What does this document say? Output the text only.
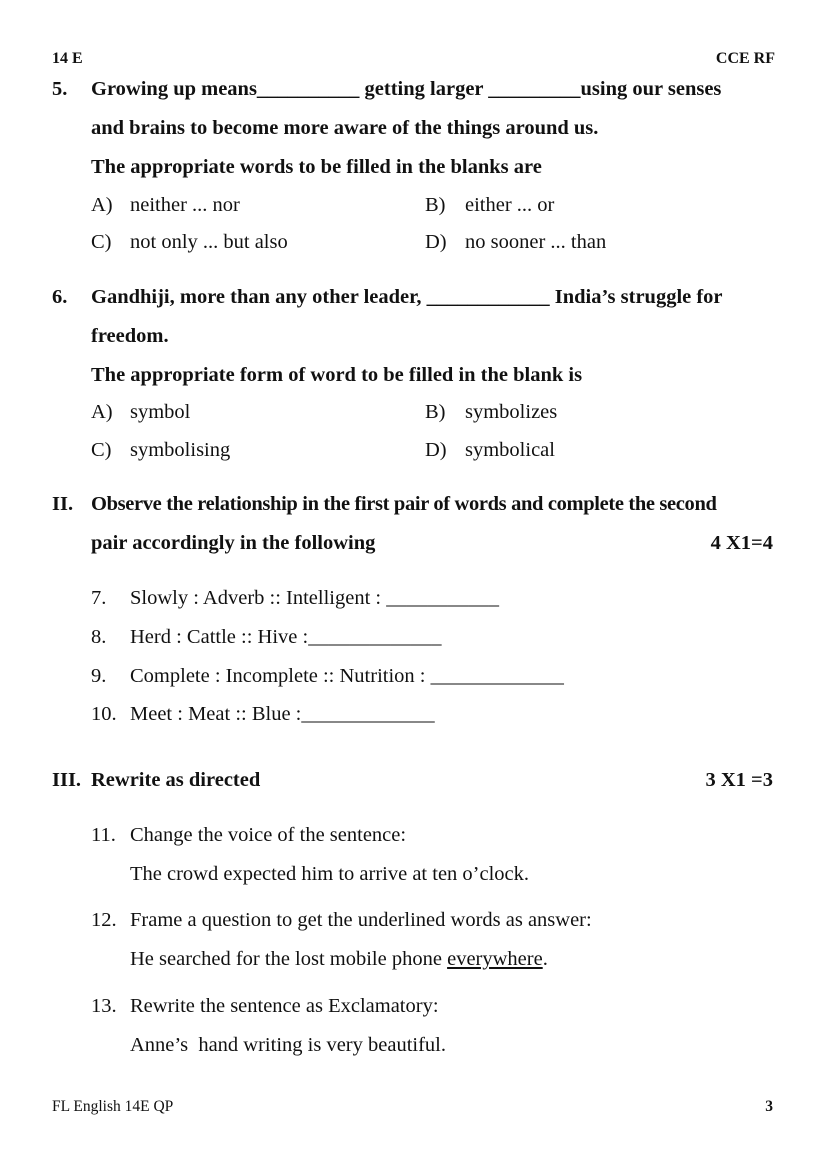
14 E	CCE RF
5. Growing up means__________ getting larger _________using our senses
and brains to become more aware of the things around us.
The appropriate words to be filled in the blanks are
A) neither ... nor	B) either ... or
C) not only ... but also	D) no sooner ... than
6. Gandhiji, more than any other leader, ____________ India’s struggle for
freedom.
The appropriate form of word to be filled in the blank is
A) symbol	B) symbolizes
C) symbolising	D) symbolical
II. Observe the relationship in the first pair of words and complete the second
pair accordingly in the following	4 X1=4
7. Slowly : Adverb :: Intelligent : ___________
8. Herd : Cattle :: Hive :_____________
9. Complete : Incomplete :: Nutrition : _____________
10. Meet : Meat :: Blue :_____________
III. Rewrite as directed	3 X1 =3
11. Change the voice of the sentence:
The crowd expected him to arrive at ten o’clock.
12. Frame a question to get the underlined words as answer:
He searched for the lost mobile phone everywhere.
13. Rewrite the sentence as Exclamatory:
Anne’s  hand writing is very beautiful.
FL English 14E QP	3
